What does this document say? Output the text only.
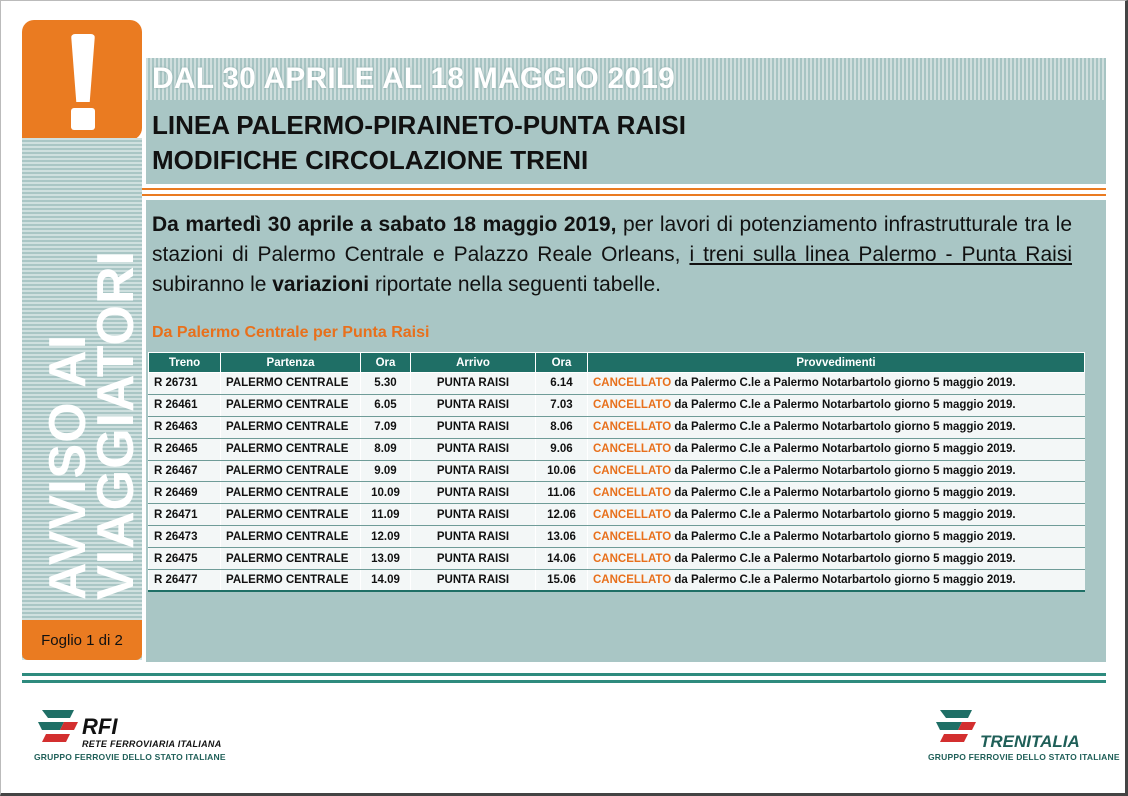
DAL 30 APRILE AL 18 MAGGIO 2019
LINEA PALERMO-PIRAINETO-PUNTA RAISI
MODIFICHE CIRCOLAZIONE TRENI
AVVISO AI
VIAGGIATORI

Da martedì 30 aprile a sabato 18 maggio 2019, per lavori di potenziamento infrastrutturale tra le stazioni di Palermo Centrale e Palazzo Reale Orleans, i treni sulla linea Palermo - Punta Raisi subiranno le variazioni riportate nella seguenti tabelle.

Da Palermo Centrale per Punta Raisi
Treno	Partenza	Ora	Arrivo	Ora	Provvedimenti
R 26731	PALERMO CENTRALE	5.30	PUNTA RAISI	6.14	CANCELLATO da Palermo C.le a Palermo Notarbartolo giorno 5 maggio 2019.
R 26461	PALERMO CENTRALE	6.05	PUNTA RAISI	7.03	CANCELLATO da Palermo C.le a Palermo Notarbartolo giorno 5 maggio 2019.
R 26463	PALERMO CENTRALE	7.09	PUNTA RAISI	8.06	CANCELLATO da Palermo C.le a Palermo Notarbartolo giorno 5 maggio 2019.
R 26465	PALERMO CENTRALE	8.09	PUNTA RAISI	9.06	CANCELLATO da Palermo C.le a Palermo Notarbartolo giorno 5 maggio 2019.
R 26467	PALERMO CENTRALE	9.09	PUNTA RAISI	10.06	CANCELLATO da Palermo C.le a Palermo Notarbartolo giorno 5 maggio 2019.
R 26469	PALERMO CENTRALE	10.09	PUNTA RAISI	11.06	CANCELLATO da Palermo C.le a Palermo Notarbartolo giorno 5 maggio 2019.
R 26471	PALERMO CENTRALE	11.09	PUNTA RAISI	12.06	CANCELLATO da Palermo C.le a Palermo Notarbartolo giorno 5 maggio 2019.
R 26473	PALERMO CENTRALE	12.09	PUNTA RAISI	13.06	CANCELLATO da Palermo C.le a Palermo Notarbartolo giorno 5 maggio 2019.
R 26475	PALERMO CENTRALE	13.09	PUNTA RAISI	14.06	CANCELLATO da Palermo C.le a Palermo Notarbartolo giorno 5 maggio 2019.
R 26477	PALERMO CENTRALE	14.09	PUNTA RAISI	15.06	CANCELLATO da Palermo C.le a Palermo Notarbartolo giorno 5 maggio 2019.
Foglio 1 di 2
RFI
RETE FERROVIARIA ITALIANA
GRUPPO FERROVIE DELLO STATO ITALIANE
TRENITALIA
GRUPPO FERROVIE DELLO STATO ITALIANE
